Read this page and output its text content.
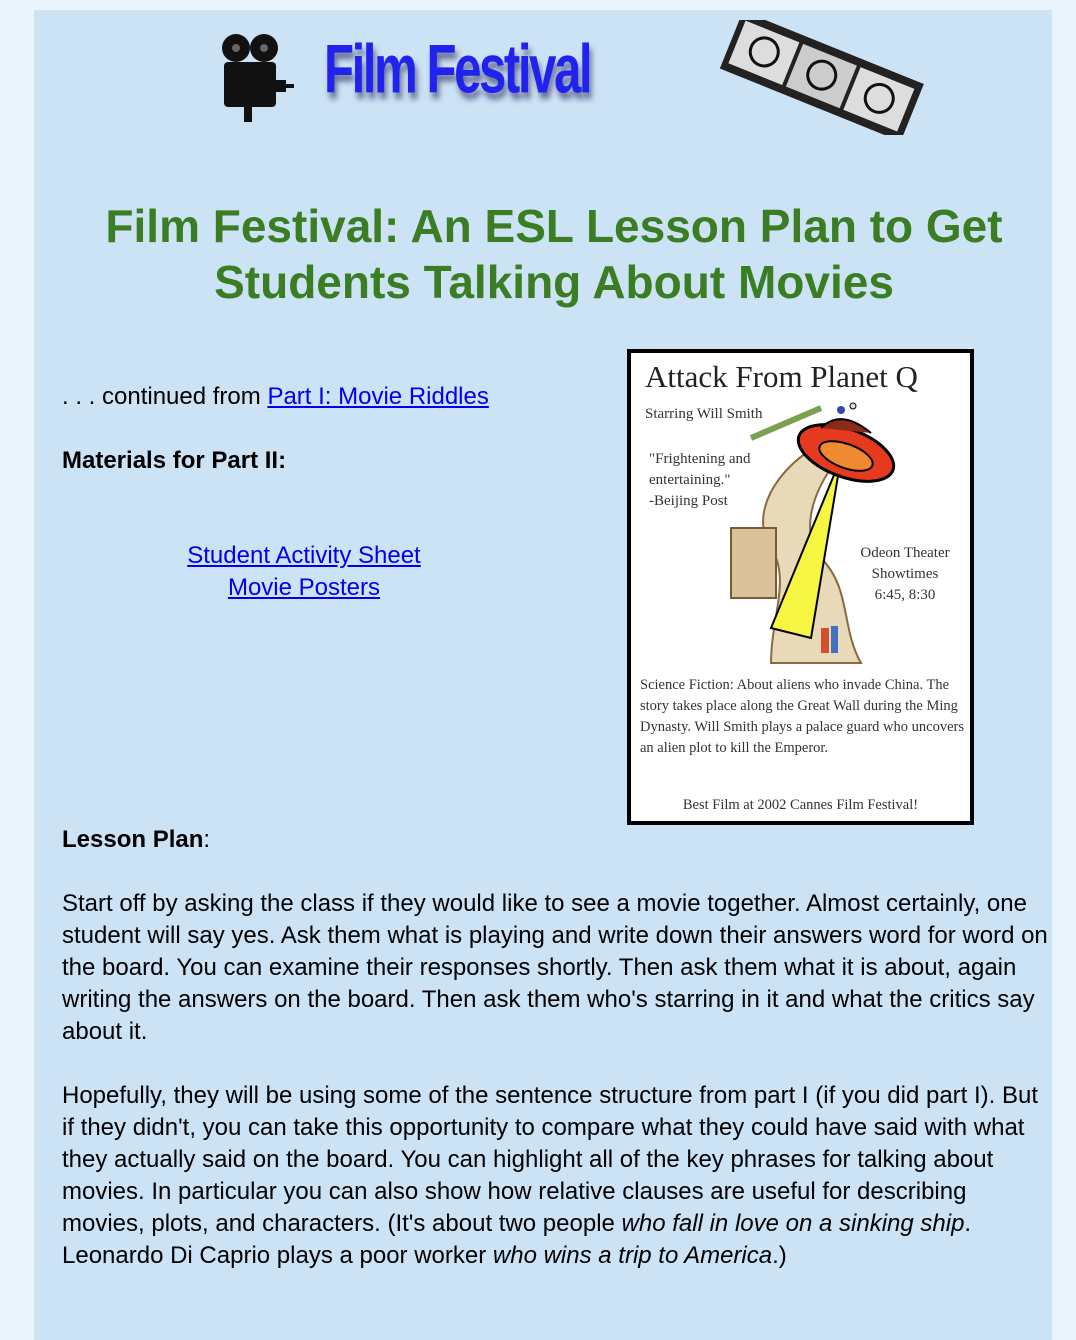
Film Festival
Film Festival: An ESL Lesson Plan to Get Students Talking About Movies

. . . continued from Part I: Movie Riddles

Materials for Part II:

Student Activity Sheet
Movie Posters
Attack From Planet Q
Starring Will Smith
"Frightening and
entertaining."
-Beijing Post
Odeon Theater
Showtimes
6:45, 8:30
Science Fiction: About aliens who invade China. The story takes place along the Great Wall during the Ming Dynasty. Will Smith plays a palace guard who uncovers an alien plot to kill the Emperor.
Best Film at 2002 Cannes Film Festival!

Lesson Plan:

Start off by asking the class if they would like to see a movie together. Almost certainly, one student will say yes. Ask them what is playing and write down their answers word for word on the board. You can examine their responses shortly. Then ask them what it is about, again writing the answers on the board. Then ask them who's starring in it and what the critics say about it.

Hopefully, they will be using some of the sentence structure from part I (if you did part I). But if they didn't, you can take this opportunity to compare what they could have said with what they actually said on the board. You can highlight all of the key phrases for talking about movies. In particular you can also show how relative clauses are useful for describing movies, plots, and characters. (It's about two people who fall in love on a sinking ship. Leonardo Di Caprio plays a poor worker who wins a trip to America.)
